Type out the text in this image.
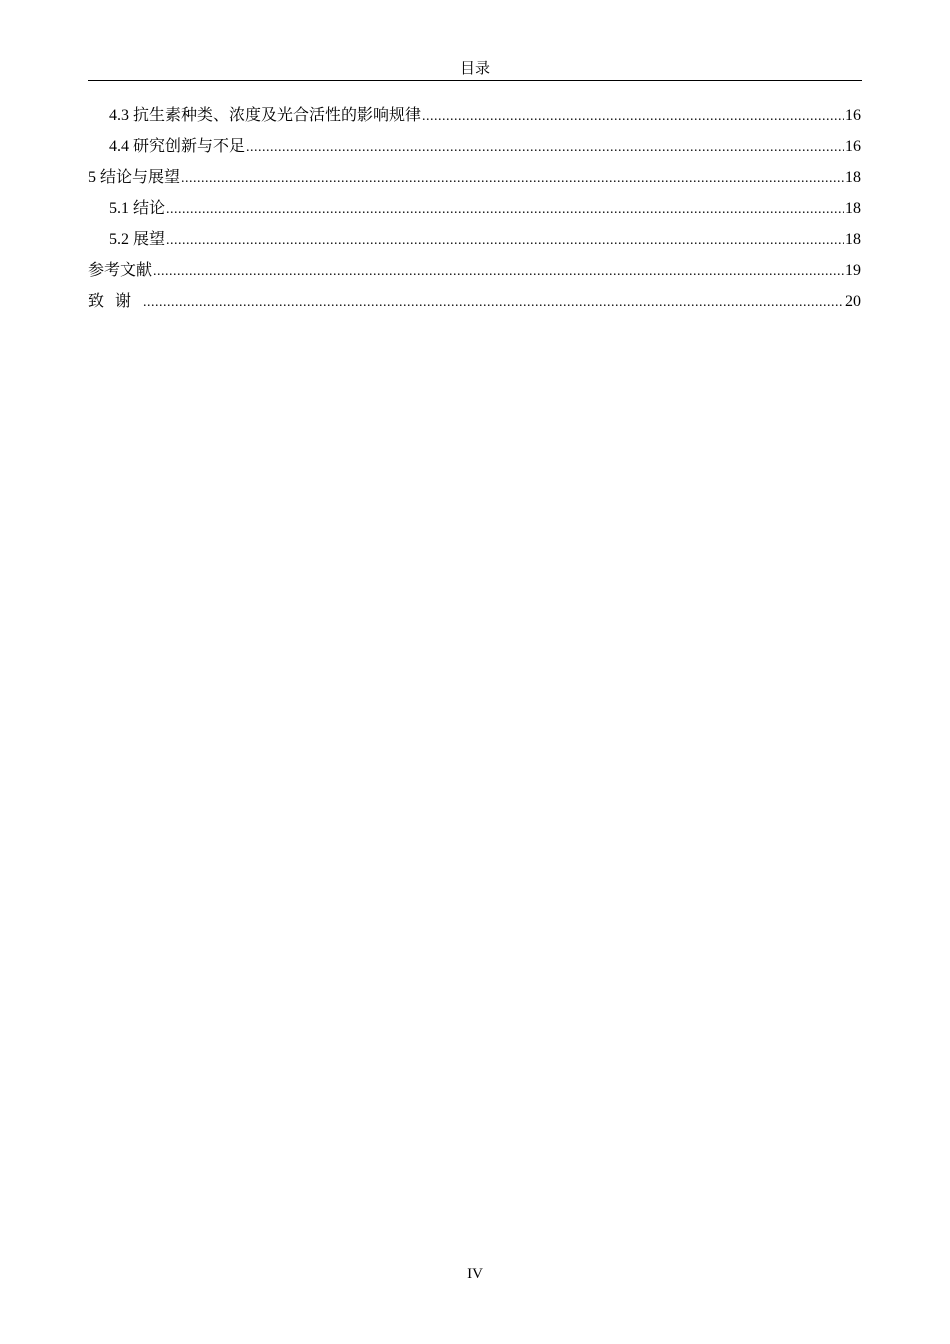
目录
4.3 抗生素种类、浓度及光合活性的影响规律 .....	16
4.4 研究创新与不足 .....	16
5 结论与展望 .....	18
5.1 结论 .....	18
5.2 展望 .....	18
参考文献 .....	19
致谢 .....	20
IV
